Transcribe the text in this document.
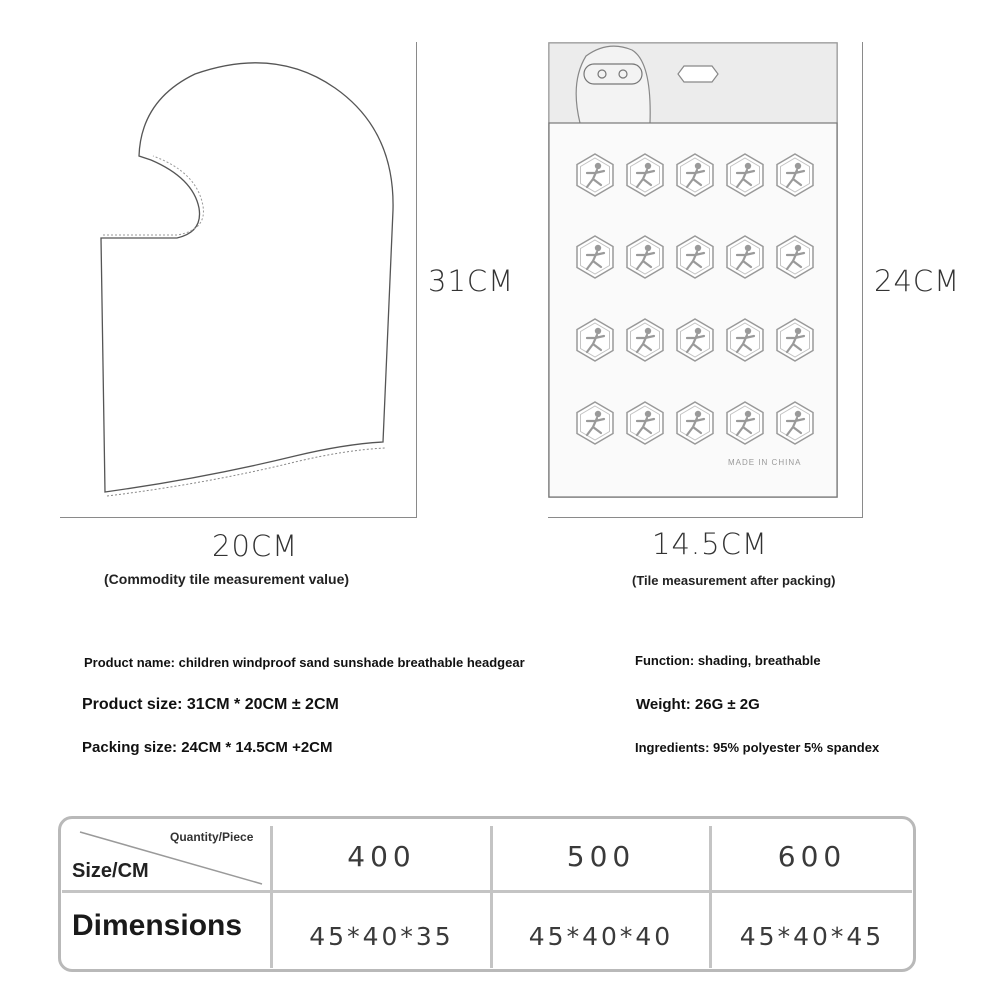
31CM
20CM
(Commodity tile measurement value)
MADE IN CHINA
24CM
14.5CM
(Tile measurement after packing)
Product name: children windproof sand sunshade breathable headgear
Product size: 31CM * 20CM ± 2CM
Packing size: 24CM * 14.5CM +2CM
Function: shading, breathable
Weight: 26G ± 2G
Ingredients: 95% polyester 5% spandex
Quantity/Piece
Size/CM	400	500	600
Dimensions	45*40*35	45*40*40	45*40*45
